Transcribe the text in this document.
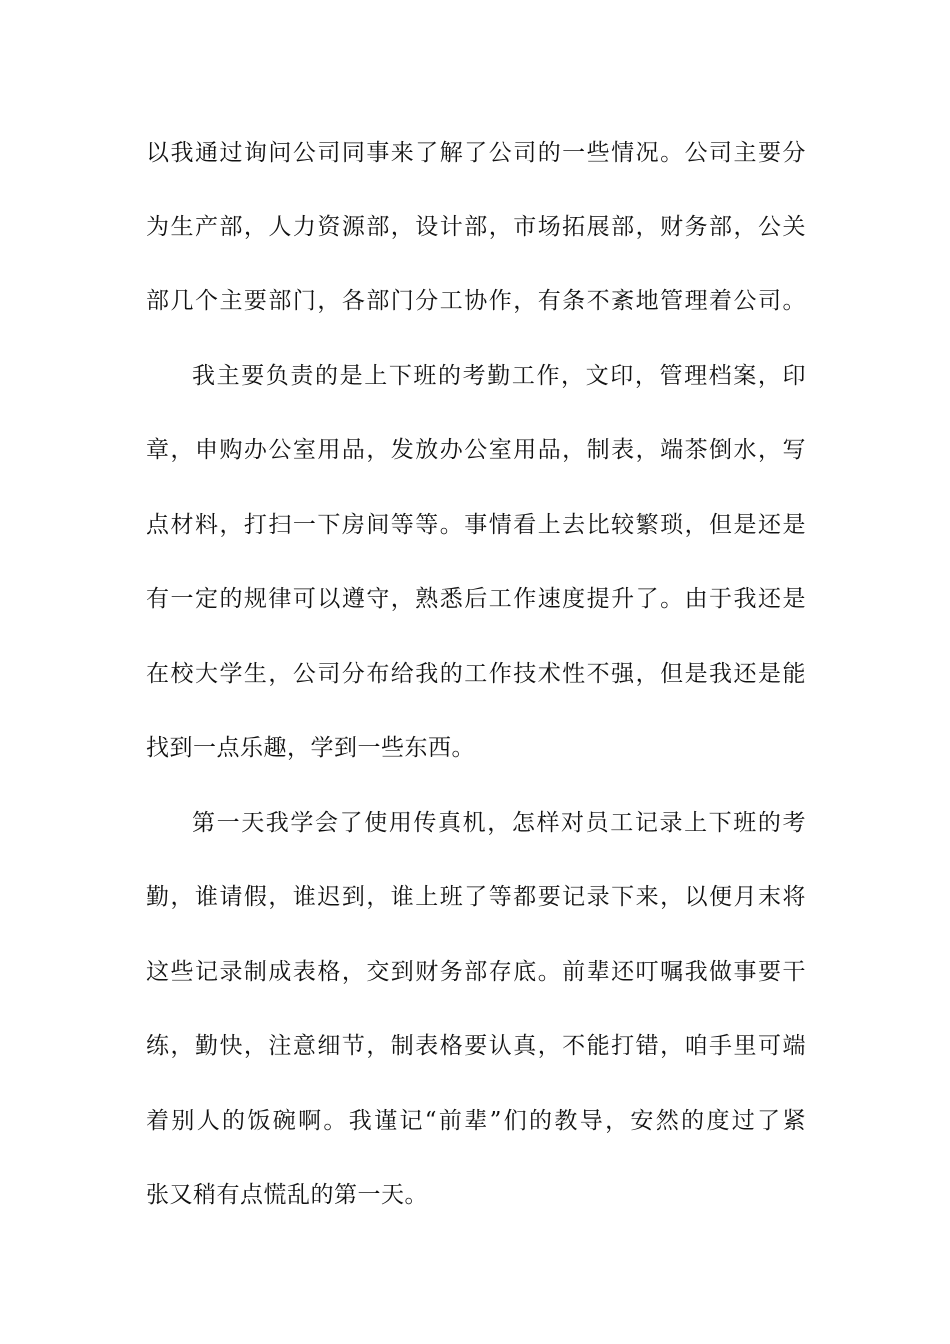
以我通过询问公司同事来了解了公司的一些情况。公司主要分
为生产部，人力资源部，设计部，市场拓展部，财务部，公关
部几个主要部门，各部门分工协作，有条不紊地管理着公司。
我主要负责的是上下班的考勤工作，文印，管理档案，印
章，申购办公室用品，发放办公室用品，制表，端茶倒水，写
点材料，打扫一下房间等等。事情看上去比较繁琐，但是还是
有一定的规律可以遵守，熟悉后工作速度提升了。由于我还是
在校大学生，公司分布给我的工作技术性不强，但是我还是能
找到一点乐趣，学到一些东西。
第一天我学会了使用传真机，怎样对员工记录上下班的考
勤，谁请假，谁迟到，谁上班了等都要记录下来，以便月末将
这些记录制成表格，交到财务部存底。前辈还叮嘱我做事要干
练，勤快，注意细节，制表格要认真，不能打错，咱手里可端
着别人的饭碗啊。我谨记“前辈”们的教导，安然的度过了紧
张又稍有点慌乱的第一天。
